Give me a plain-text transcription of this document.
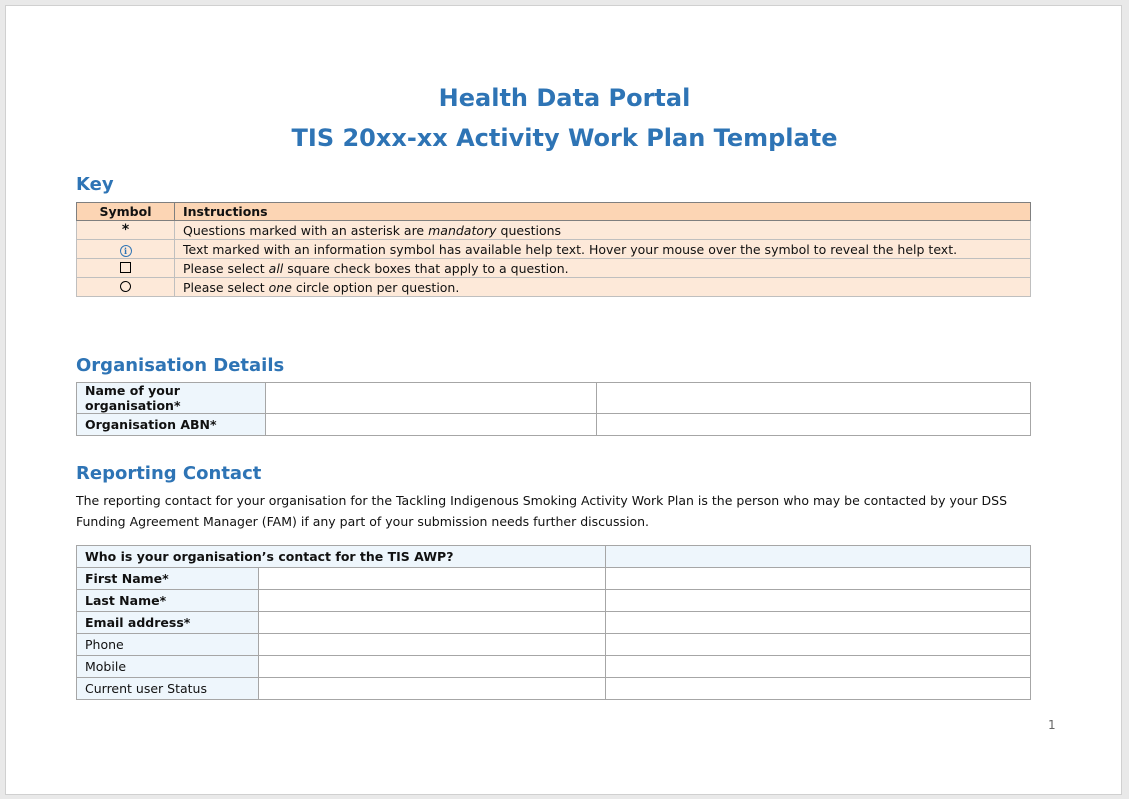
Health Data Portal
TIS 20xx-xx Activity Work Plan Template
Key
Symbol	Instructions
*	Questions marked with an asterisk are mandatory questions
i	Text marked with an information symbol has available help text. Hover your mouse over the symbol to reveal the help text.
	Please select all square check boxes that apply to a question.
	Please select one circle option per question.
Organisation Details
Name of your organisation*		
Organisation ABN*		
Reporting Contact
The reporting contact for your organisation for the Tackling Indigenous Smoking Activity Work Plan is the person who may be contacted by your DSS Funding Agreement Manager (FAM) if any part of your submission needs further discussion.
Who is your organisation’s contact for the TIS AWP?		
First Name*		
Last Name*		
Email address*		
Phone		
Mobile		
Current user Status		
1
